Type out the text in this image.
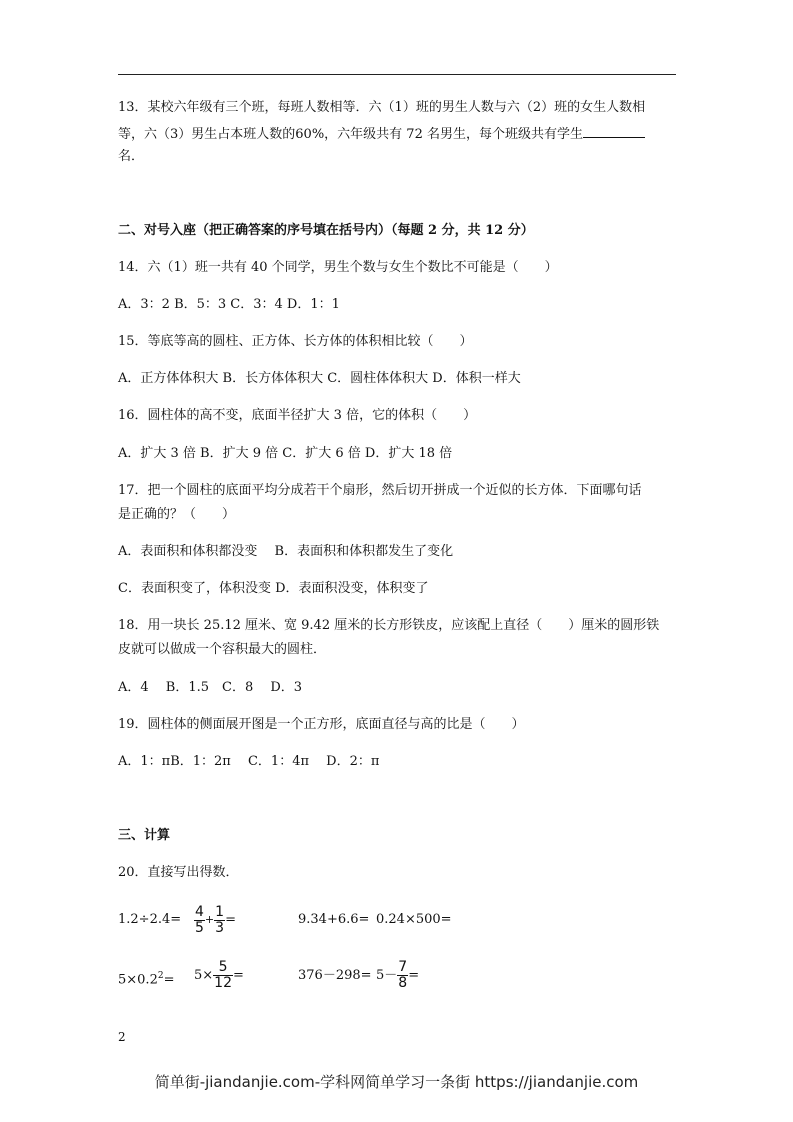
13．某校六年级有三个班，每班人数相等．六（1）班的男生人数与六（2）班的女生人数相
等，六（3）男生占本班人数的60%，六年级共有 72 名男生，每个班级共有学生
名．
二、对号入座（把正确答案的序号填在括号内）（每题 2 分，共 12 分）
14．六（1）班一共有 40 个同学，男生个数与女生个数比不可能是（　　）
A．3：2 B．5：3 C．3：4 D．1：1
15．等底等高的圆柱、正方体、长方体的体积相比较（　　）
A．正方体体积大 B．长方体体积大 C．圆柱体体积大 D．体积一样大
16．圆柱体的高不变，底面半径扩大 3 倍，它的体积（　　）
A．扩大 3 倍 B．扩大 9 倍 C．扩大 6 倍 D．扩大 18 倍
17．把一个圆柱的底面平均分成若干个扇形，然后切开拼成一个近似的长方体．下面哪句话
是正确的？（　　）
A．表面积和体积都没变　 B．表面积和体积都发生了变化
C．表面积变了，体积没变 D．表面积没变，体积变了
18．用一块长 25.12 厘米、宽 9.42 厘米的长方形铁皮，应该配上直径（　　）厘米的圆形铁
皮就可以做成一个容积最大的圆柱．
A．4　 B．1.5　C．8　 D．3
19．圆柱体的侧面展开图是一个正方形，底面直径与高的比是（　　）
A．1：πB．1：2π　 C．1：4π　 D．2：π
三、计算
20．直接写出得数．
$1.2\div 2.4= \frac{4}{5} + \frac{1}{3}$ =	9.34+6.6= 0.24×500=
$5\times 0.2^2= 5\times \frac{5}{12}$ =	$376-298= 5- \frac{7}{8}$ =
2
简单街-jiandanjie.com-学科网简单学习一条街 https://jiandanjie.com
